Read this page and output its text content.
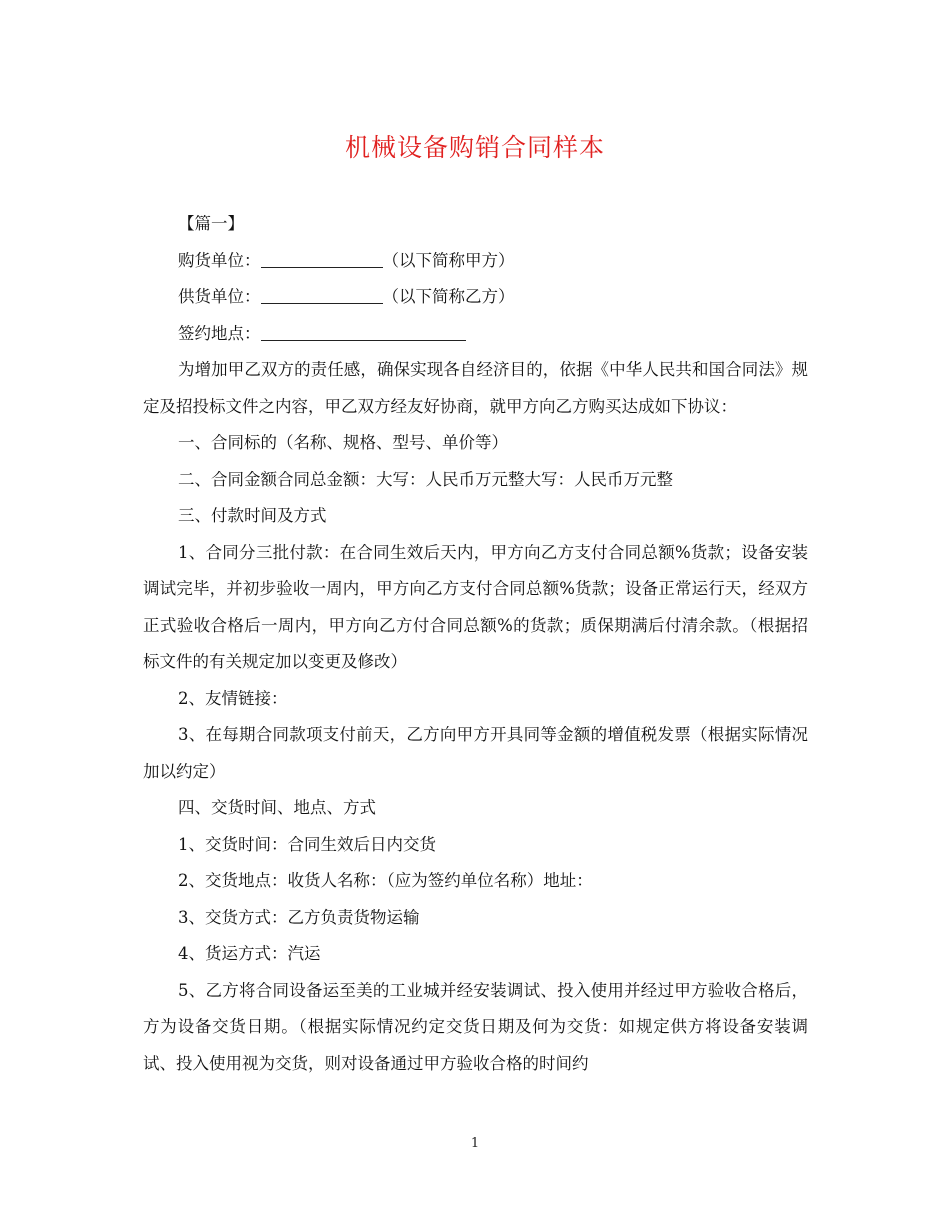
机械设备购销合同样本

【篇一】

购货单位：	（以下简称甲方）

供货单位：	（以下简称乙方）

签约地点：

为增加甲乙双方的责任感，确保实现各自经济目的，依据《中华人民共和国合同法》规定及招投标文件之内容，甲乙双方经友好协商，就甲方向乙方购买达成如下协议：

一、合同标的（名称、规格、型号、单价等）

二、合同金额合同总金额：大写：人民币万元整大写：人民币万元整

三、付款时间及方式

1、合同分三批付款：在合同生效后天内，甲方向乙方支付合同总额%货款；设备安装调试完毕，并初步验收一周内，甲方向乙方支付合同总额%货款；设备正常运行天，经双方正式验收合格后一周内，甲方向乙方付合同总额%的货款；质保期满后付清余款。（根据招标文件的有关规定加以变更及修改）

2、友情链接：

3、在每期合同款项支付前天，乙方向甲方开具同等金额的增值税发票（根据实际情况加以约定）

四、交货时间、地点、方式

1、交货时间：合同生效后日内交货

2、交货地点：收货人名称：（应为签约单位名称）地址：

3、交货方式：乙方负责货物运输

4、货运方式：汽运

5、乙方将合同设备运至美的工业城并经安装调试、投入使用并经过甲方验收合格后，方为设备交货日期。（根据实际情况约定交货日期及何为交货：如规定供方将设备安装调试、投入使用视为交货，则对设备通过甲方验收合格的时间约

1
